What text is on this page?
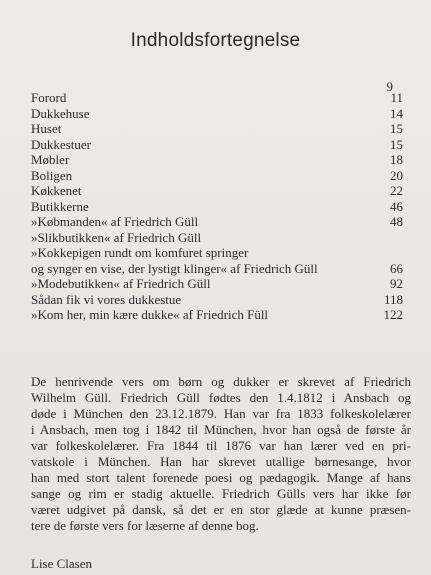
Indholdsfortegnelse
9
Forord	11
Dukkehuse	14
Huset	15
Dukkestuer	15
Møbler	18
Boligen	20
Køkkenet	22
Butikkerne	46
»Købmanden« af Friedrich Güll	48
»Slikbutikken« af Friedrich Güll
»Kokkepigen rundt om komfuret springer
og synger en vise, der lystigt klinger« af Friedrich Güll	66
»Modebutikken« af Friedrich Güll	92
Sådan fik vi vores dukkestue	118
»Kom her, min kære dukke« af Friedrich Füll	122
De henrivende vers om børn og dukker er skrevet af Friedrich
Wilhelm Güll. Friedrich Güll fødtes den 1.4.1812 i Ansbach og
døde i München den 23.12.1879. Han var fra 1833 folkeskolelærer
i Ansbach, men tog i 1842 til München, hvor han også de første år
var folkeskolelærer. Fra 1844 til 1876 var han lærer ved en pri-
vatskole i München. Han har skrevet utallige børnesange, hvor
han med stort talent forenede poesi og pædagogik. Mange af hans
sange og rim er stadig aktuelle. Friedrich Gülls vers har ikke før
været udgivet på dansk, så det er en stor glæde at kunne præsen-
tere de første vers for læserne af denne bog.
Lise Clasen
